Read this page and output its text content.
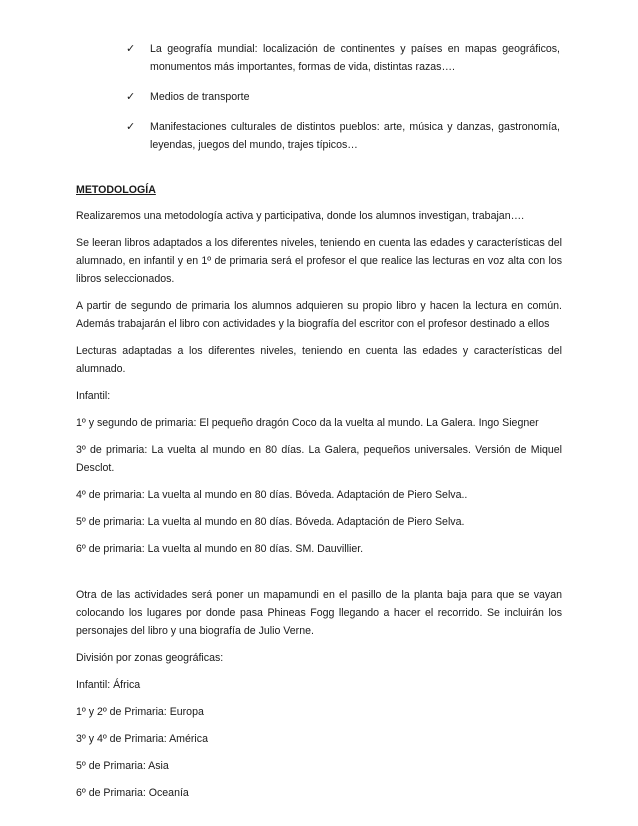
✓	La geografía mundial: localización de continentes y países en mapas geográficos, monumentos más importantes, formas de vida, distintas razas….
✓	Medios de transporte
✓	Manifestaciones culturales de distintos pueblos: arte, música y danzas, gastronomía, leyendas, juegos del mundo, trajes típicos…

METODOLOGÍA

Realizaremos una metodología activa y participativa, donde los alumnos investigan, trabajan….

Se leeran libros adaptados a los diferentes niveles, teniendo en cuenta las edades y características del alumnado, en infantil y en 1º de primaria será el profesor el que realice las lecturas en voz alta con los libros seleccionados.

A partir de segundo de primaria los alumnos adquieren su propio libro y hacen la lectura en común. Además trabajarán el libro con actividades y la biografía del escritor con el profesor destinado a ellos

Lecturas adaptadas a los diferentes niveles, teniendo en cuenta las edades y características del alumnado.

Infantil:

1º y segundo de primaria: El pequeño dragón Coco da la vuelta al mundo. La Galera. Ingo Siegner

3º de primaria: La vuelta al mundo en 80 días. La Galera, pequeños universales. Versión de Miquel Desclot.

4º de primaria: La vuelta al mundo en 80 días. Bóveda. Adaptación de Piero Selva..

5º de primaria: La vuelta al mundo en 80 días. Bóveda. Adaptación de Piero Selva.

6º de primaria: La vuelta al mundo en 80 días. SM. Dauvillier.

Otra de las actividades será poner un mapamundi en el pasillo de la planta baja para que se vayan colocando los lugares por donde pasa Phineas Fogg llegando a hacer el recorrido. Se incluirán los personajes del libro y una biografía de Julio Verne.

División por zonas geográficas:

Infantil: África

1º y 2º de Primaria: Europa

3º y 4º de Primaria: América

5º de Primaria: Asia

6º de Primaria: Oceanía
